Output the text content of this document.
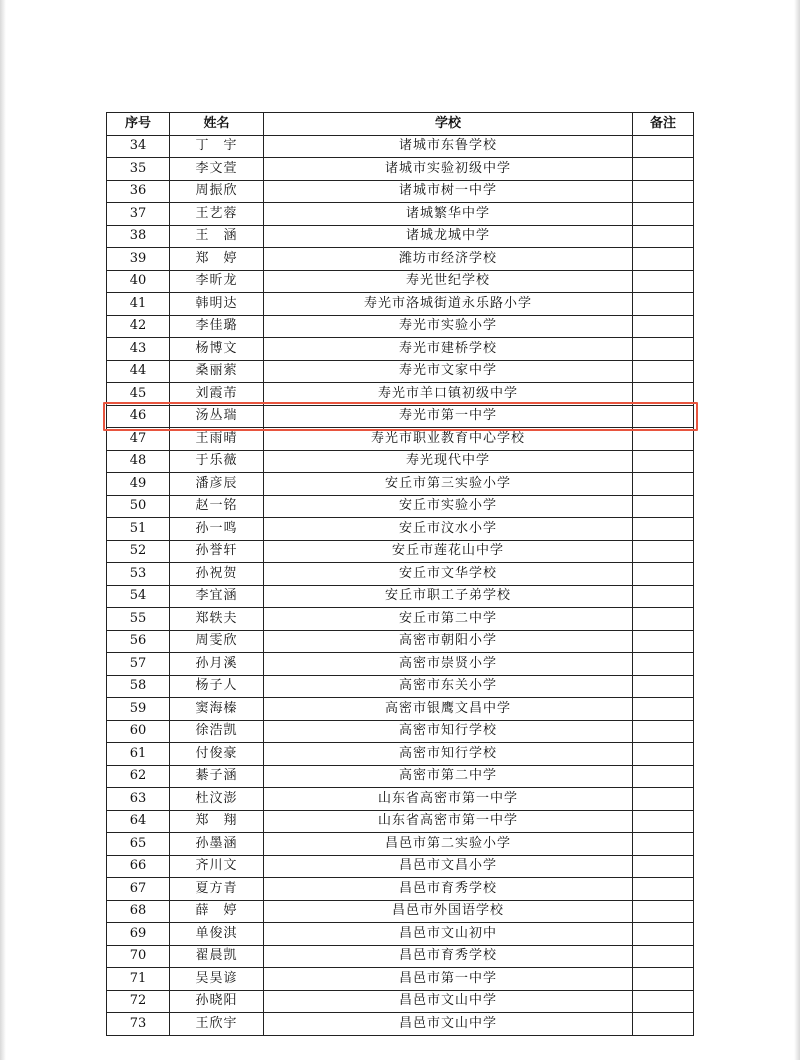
序号	姓名	学校	备注
34	丁　宇	诸城市东鲁学校	
35	李文萱	诸城市实验初级中学	
36	周振欣	诸城市树一中学	
37	王艺蓉	诸城繁华中学	
38	王　涵	诸城龙城中学	
39	郑　婷	潍坊市经济学校	
40	李昕龙	寿光世纪学校	
41	韩明达	寿光市洛城街道永乐路小学	
42	李佳璐	寿光市实验小学	
43	杨博文	寿光市建桥学校	
44	桑丽萦	寿光市文家中学	
45	刘霞芾	寿光市羊口镇初级中学	
46	汤丛瑞	寿光市第一中学	
47	王雨晴	寿光市职业教育中心学校	
48	于乐薇	寿光现代中学	
49	潘彦辰	安丘市第三实验小学	
50	赵一铭	安丘市实验小学	
51	孙一鸣	安丘市汶水小学	
52	孙誉轩	安丘市莲花山中学	
53	孙祝贺	安丘市文华学校	
54	李宜涵	安丘市职工子弟学校	
55	郑轶夫	安丘市第二中学	
56	周雯欣	高密市朝阳小学	
57	孙月溪	高密市崇贤小学	
58	杨子人	高密市东关小学	
59	窦海榛	高密市银鹰文昌中学	
60	徐浩凯	高密市知行学校	
61	付俊豪	高密市知行学校	
62	綦子涵	高密市第二中学	
63	杜汶澎	山东省高密市第一中学	
64	郑　翔	山东省高密市第一中学	
65	孙墨涵	昌邑市第二实验小学	
66	齐川文	昌邑市文昌小学	
67	夏方青	昌邑市育秀学校	
68	薛　婷	昌邑市外国语学校	
69	单俊淇	昌邑市文山初中	
70	翟晨凯	昌邑市育秀学校	
71	吴昊谚	昌邑市第一中学	
72	孙晓阳	昌邑市文山中学	
73	王欣宇	昌邑市文山中学	
